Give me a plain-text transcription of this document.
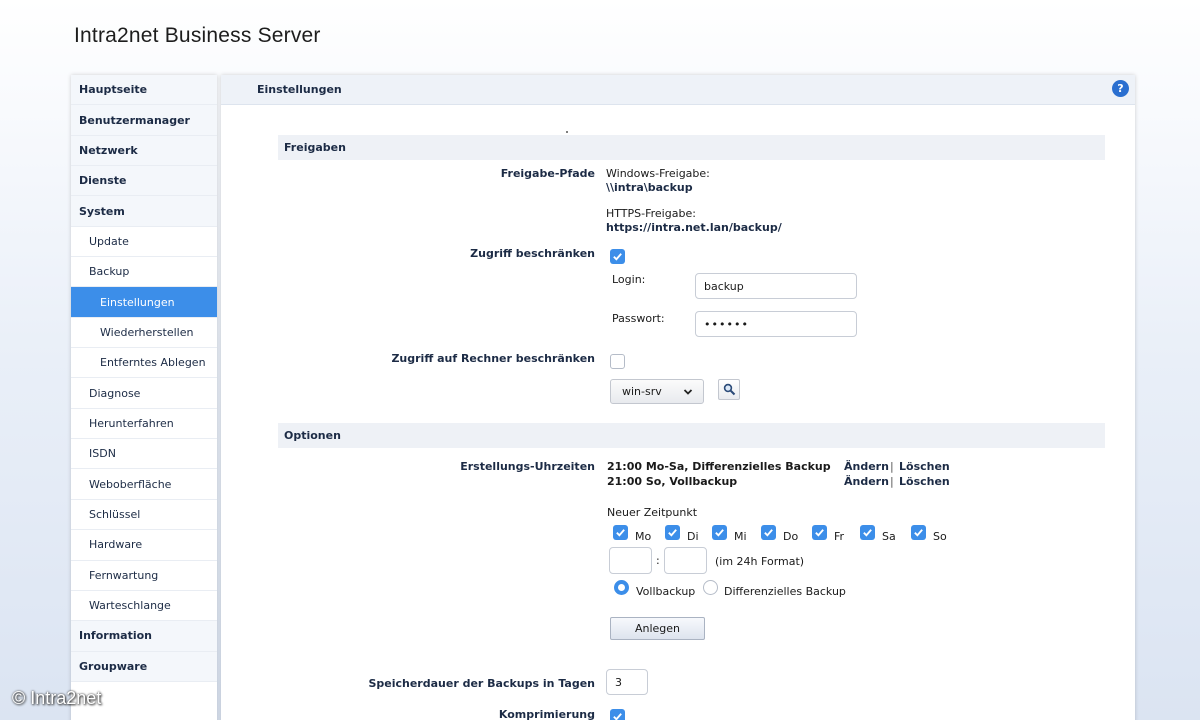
Intra2net Business Server
Hauptseite
Benutzermanager
Netzwerk
Dienste
System
Update
Backup
Einstellungen
Wiederherstellen
Entferntes Ablegen
Diagnose
Herunterfahren
ISDN
Weboberfläche
Schlüssel
Hardware
Fernwartung
Warteschlange
Information
Groupware
Einstellungen	?
Freigaben
Freigabe-Pfade Windows-Freigabe:
\\intra\backup
HTTPS-Freigabe:
https://intra.net.lan/backup/
Zugriff beschränken
Login:	backup
Passwort:	••••••
Zugriff auf Rechner beschränken
win-srv
Optionen
Erstellungs-Uhrzeiten 21:00 Mo-Sa, Differenzielles Backup Ändern | Löschen
21:00 So, Vollbackup	Ändern | Löschen
Neuer Zeitpunkt
Mo	Di	Mi	Do	Fr	Sa	So
:	(im 24h Format)
Vollbackup	Differenzielles Backup
Anlegen
Speicherdauer der Backups in Tagen	3
Komprimierung
© Intra2net
